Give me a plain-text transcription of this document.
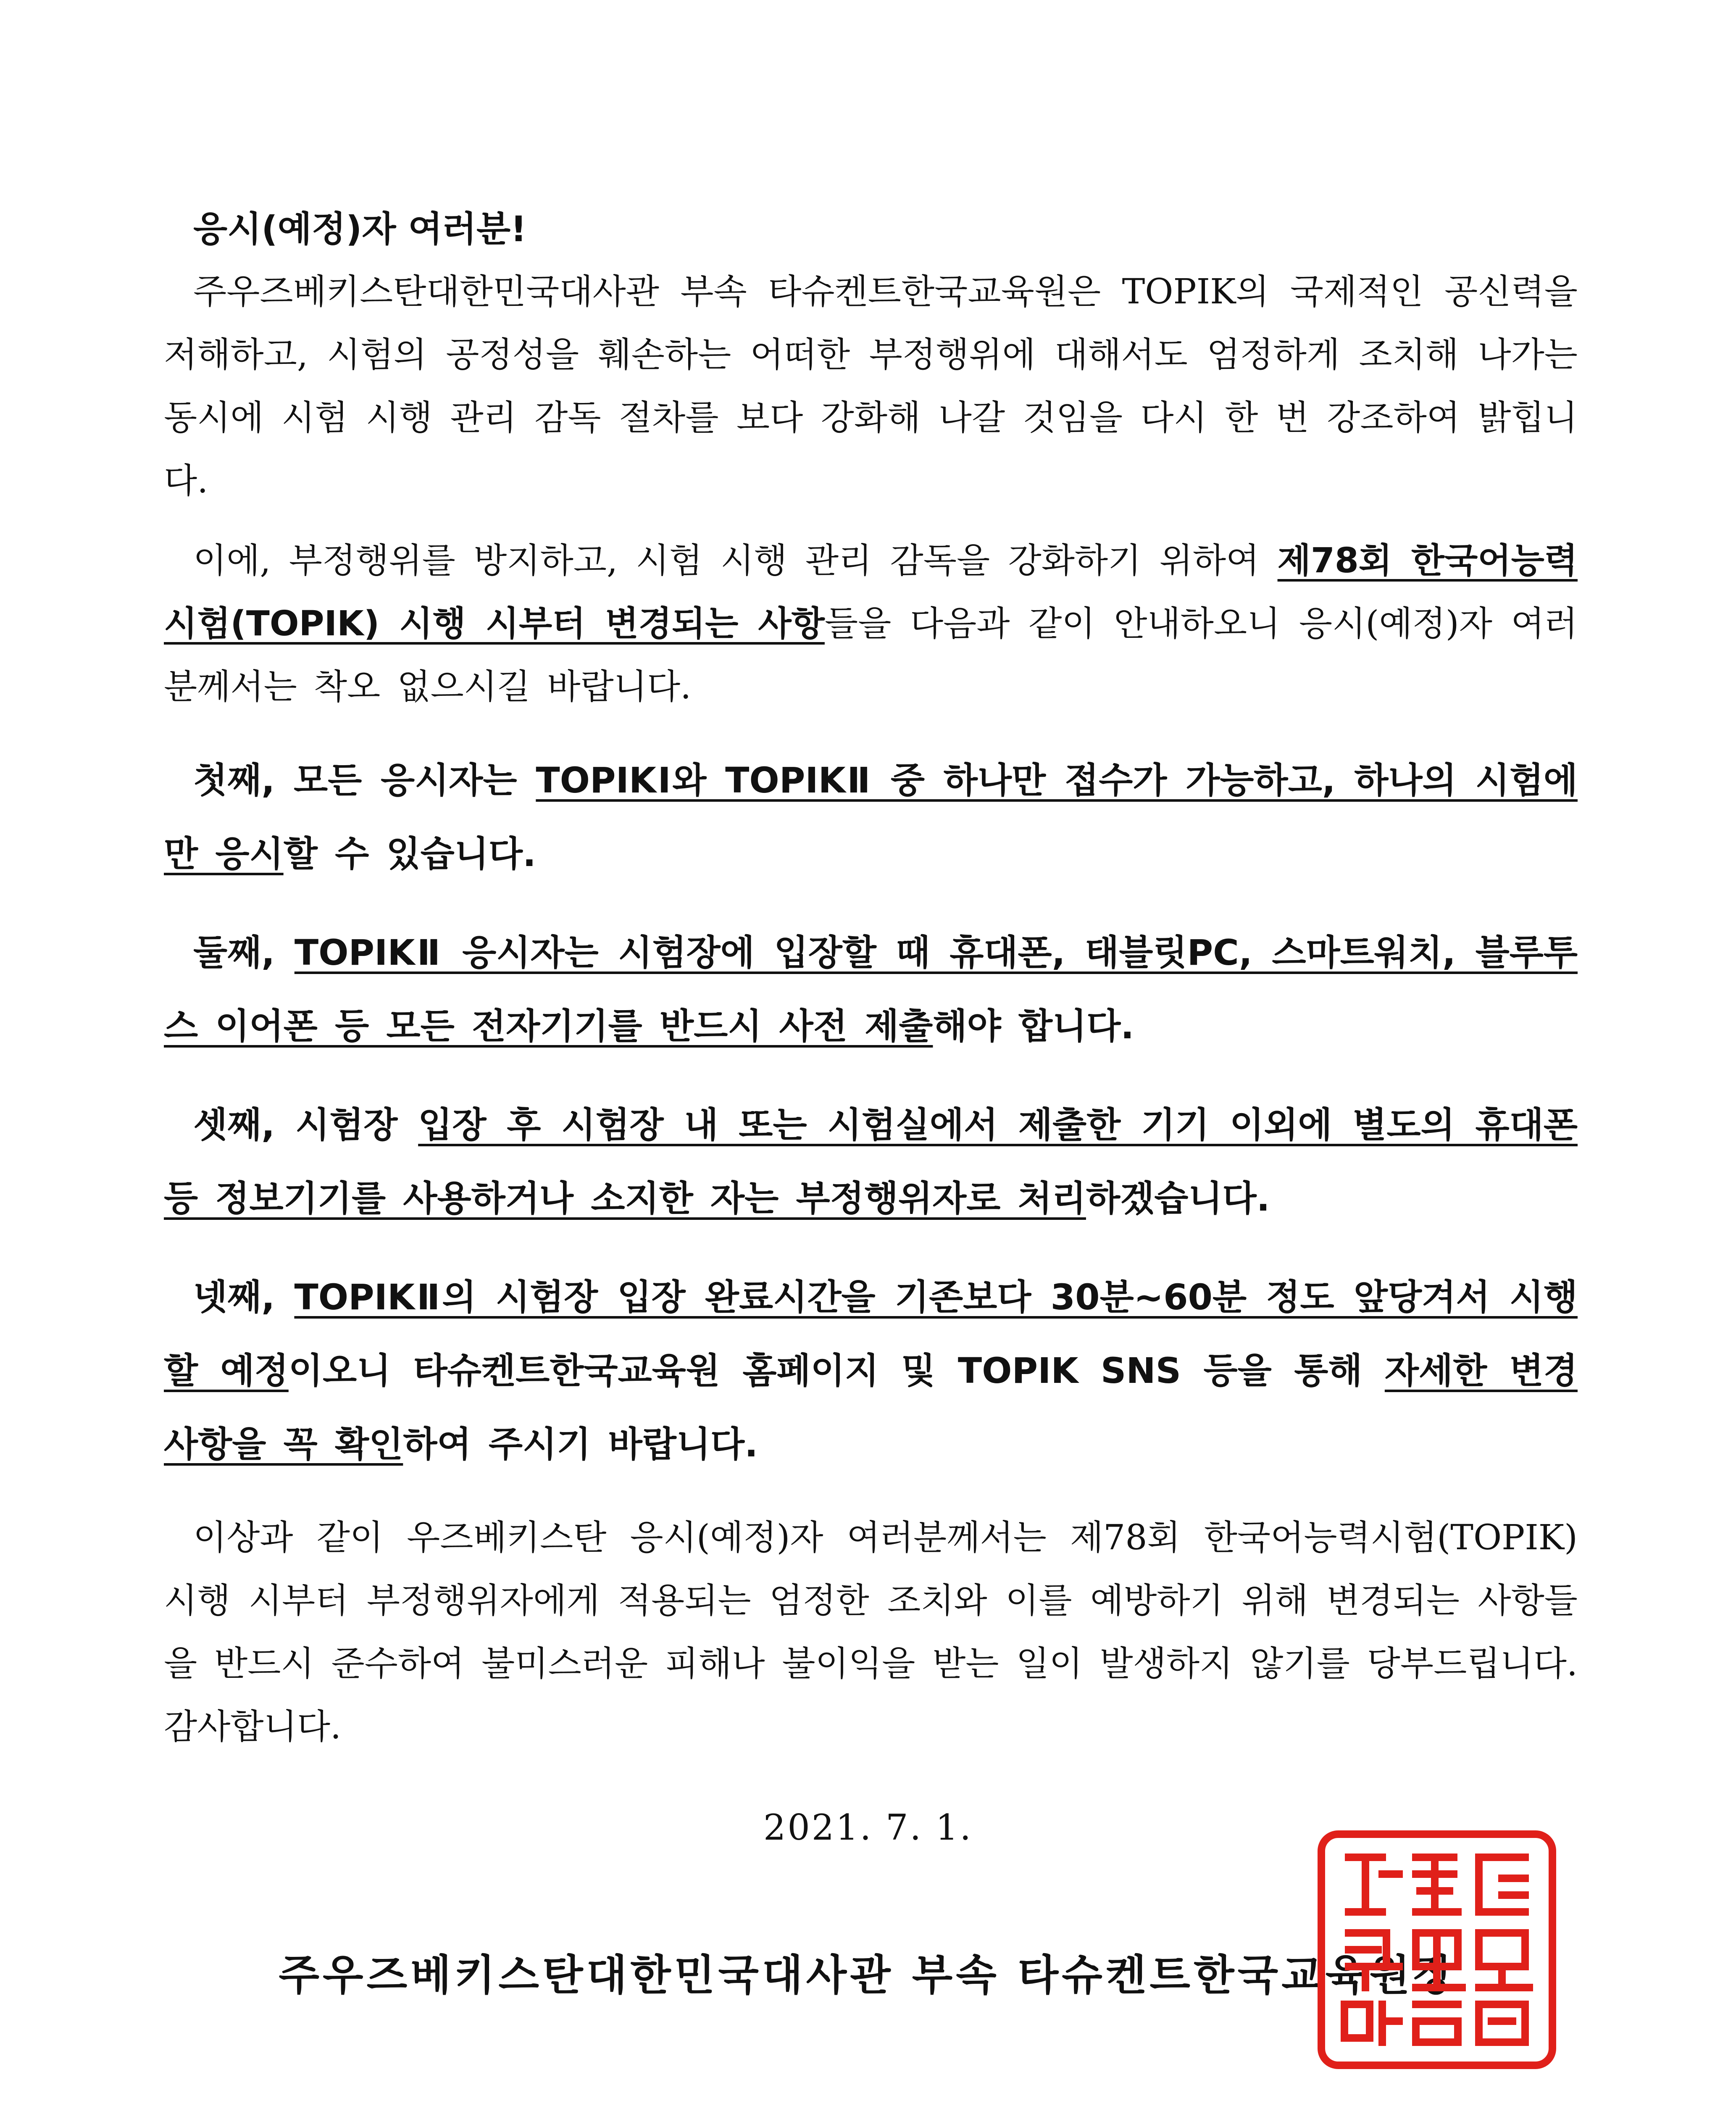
응시(예정)자 여러분!

주우즈베키스탄대한민국대사관 부속 타슈켄트한국교육원은 TOPIK의 국제적인 공신력을 저해하고, 시험의 공정성을 훼손하는 어떠한 부정행위에 대해서도 엄정하게 조치해 나가는 동시에 시험 시행 관리 감독 절차를 보다 강화해 나갈 것임을 다시 한 번 강조하여 밝힙니다.

이에, 부정행위를 방지하고, 시험 시행 관리 감독을 강화하기 위하여 제78회 한국어능력시험(TOPIK) 시행 시부터 변경되는 사항들을 다음과 같이 안내하오니 응시(예정)자 여러분께서는 착오 없으시길 바랍니다.

첫째, 모든 응시자는 TOPIKⅠ와 TOPIKⅡ 중 하나만 접수가 가능하고, 하나의 시험에만 응시할 수 있습니다.

둘째, TOPIKⅡ 응시자는 시험장에 입장할 때 휴대폰, 태블릿PC, 스마트워치, 블루투스 이어폰 등 모든 전자기기를 반드시 사전 제출해야 합니다.

셋째, 시험장 입장 후 시험장 내 또는 시험실에서 제출한 기기 이외에 별도의 휴대폰 등 정보기기를 사용하거나 소지한 자는 부정행위자로 처리하겠습니다.

넷째, TOPIKⅡ의 시험장 입장 완료시간을 기존보다 30분~60분 정도 앞당겨서 시행할 예정이오니 타슈켄트한국교육원 홈페이지 및 TOPIK SNS 등을 통해 자세한 변경 사항을 꼭 확인하여 주시기 바랍니다.

이상과 같이 우즈베키스탄 응시(예정)자 여러분께서는 제78회 한국어능력시험(TOPIK) 시행 시부터 부정행위자에게 적용되는 엄정한 조치와 이를 예방하기 위해 변경되는 사항들을 반드시 준수하여 불미스러운 피해나 불이익을 받는 일이 발생하지 않기를 당부드립니다. 감사합니다.

2021. 7. 1.
주우즈베키스탄대한민국대사관 부속 타슈켄트한국교육원장
